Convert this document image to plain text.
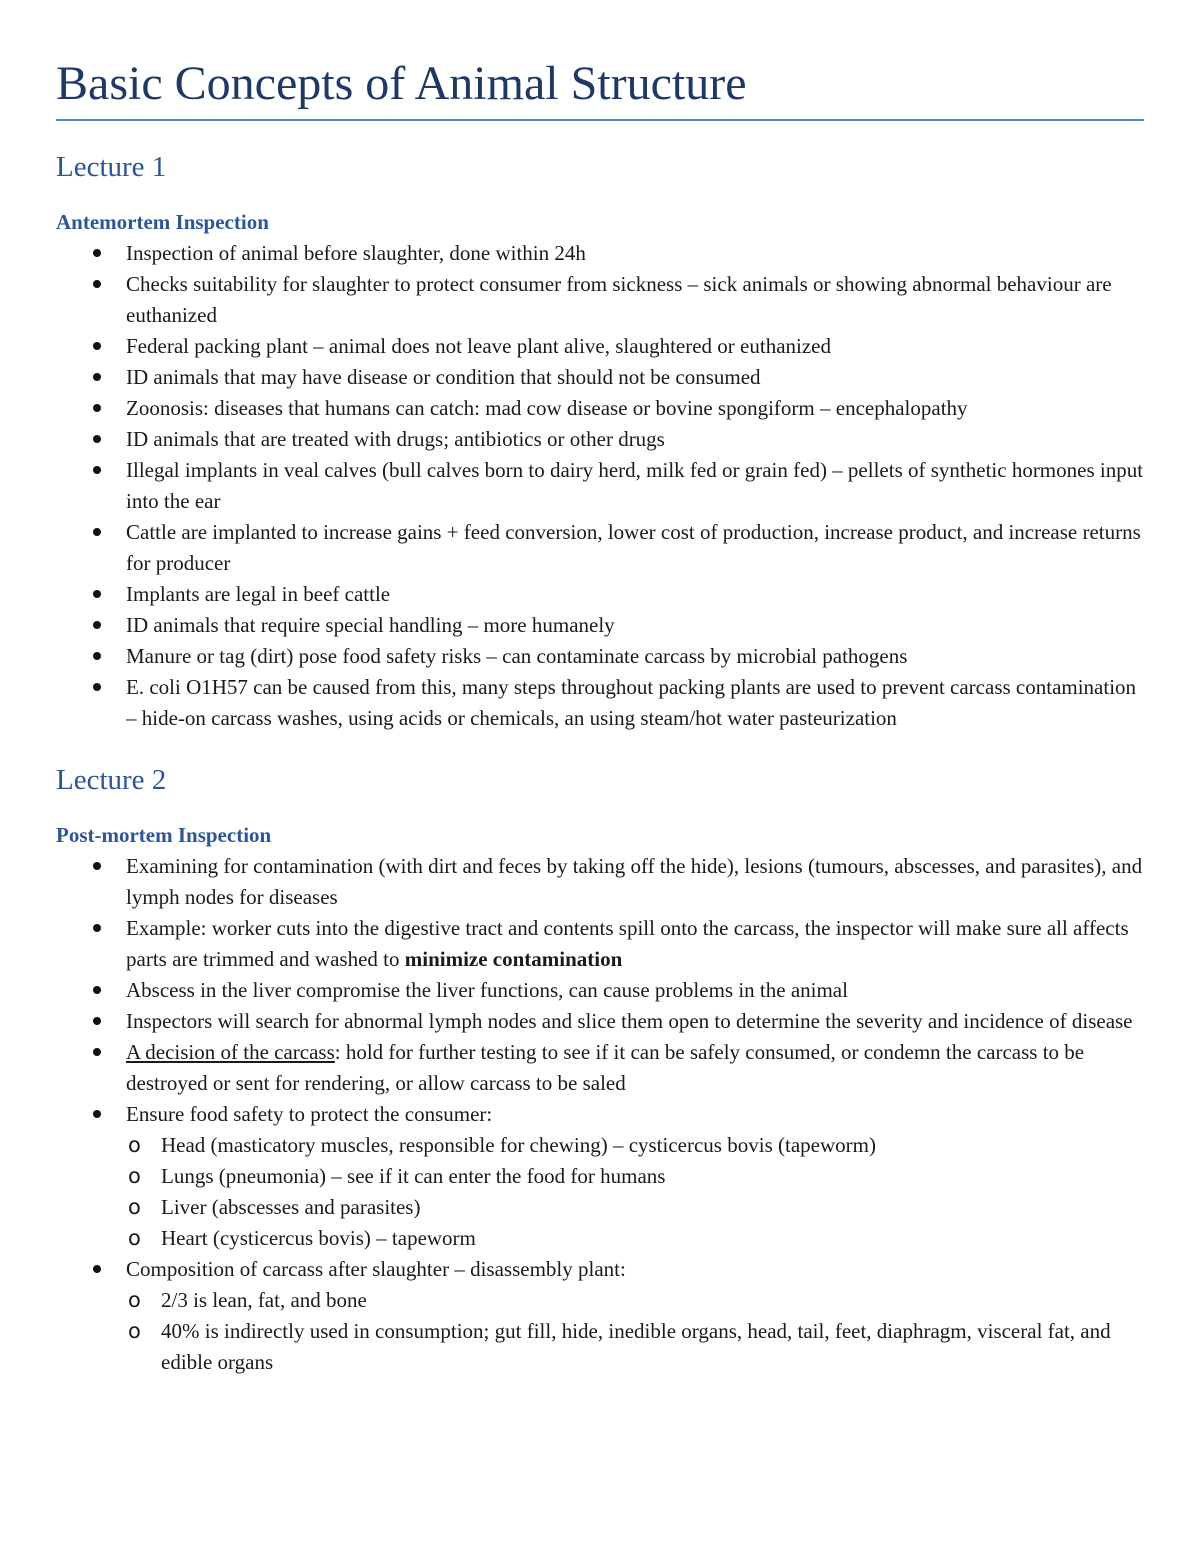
Basic Concepts of Animal Structure
Lecture 1
Antemortem Inspection
Inspection of animal before slaughter, done within 24h
Checks suitability for slaughter to protect consumer from sickness – sick animals or showing abnormal behaviour are euthanized
Federal packing plant – animal does not leave plant alive, slaughtered or euthanized
ID animals that may have disease or condition that should not be consumed
Zoonosis: diseases that humans can catch: mad cow disease or bovine spongiform – encephalopathy
ID animals that are treated with drugs; antibiotics or other drugs
Illegal implants in veal calves (bull calves born to dairy herd, milk fed or grain fed) – pellets of synthetic hormones input into the ear
Cattle are implanted to increase gains + feed conversion, lower cost of production, increase product, and increase returns for producer
Implants are legal in beef cattle
ID animals that require special handling – more humanely
Manure or tag (dirt) pose food safety risks – can contaminate carcass by microbial pathogens
E. coli O1H57 can be caused from this, many steps throughout packing plants are used to prevent carcass contamination – hide-on carcass washes, using acids or chemicals, an using steam/hot water pasteurization
Lecture 2
Post-mortem Inspection
Examining for contamination (with dirt and feces by taking off the hide), lesions (tumours, abscesses, and parasites), and lymph nodes for diseases
Example: worker cuts into the digestive tract and contents spill onto the carcass, the inspector will make sure all affects parts are trimmed and washed to minimize contamination
Abscess in the liver compromise the liver functions, can cause problems in the animal
Inspectors will search for abnormal lymph nodes and slice them open to determine the severity and incidence of disease
A decision of the carcass: hold for further testing to see if it can be safely consumed, or condemn the carcass to be destroyed or sent for rendering, or allow carcass to be saled
Ensure food safety to protect the consumer:
o Head (masticatory muscles, responsible for chewing) – cysticercus bovis (tapeworm)
o Lungs (pneumonia) – see if it can enter the food for humans
o Liver (abscesses and parasites)
o Heart (cysticercus bovis) – tapeworm
Composition of carcass after slaughter – disassembly plant:
o 2/3 is lean, fat, and bone
o 40% is indirectly used in consumption; gut fill, hide, inedible organs, head, tail, feet, diaphragm, visceral fat, and edible organs
